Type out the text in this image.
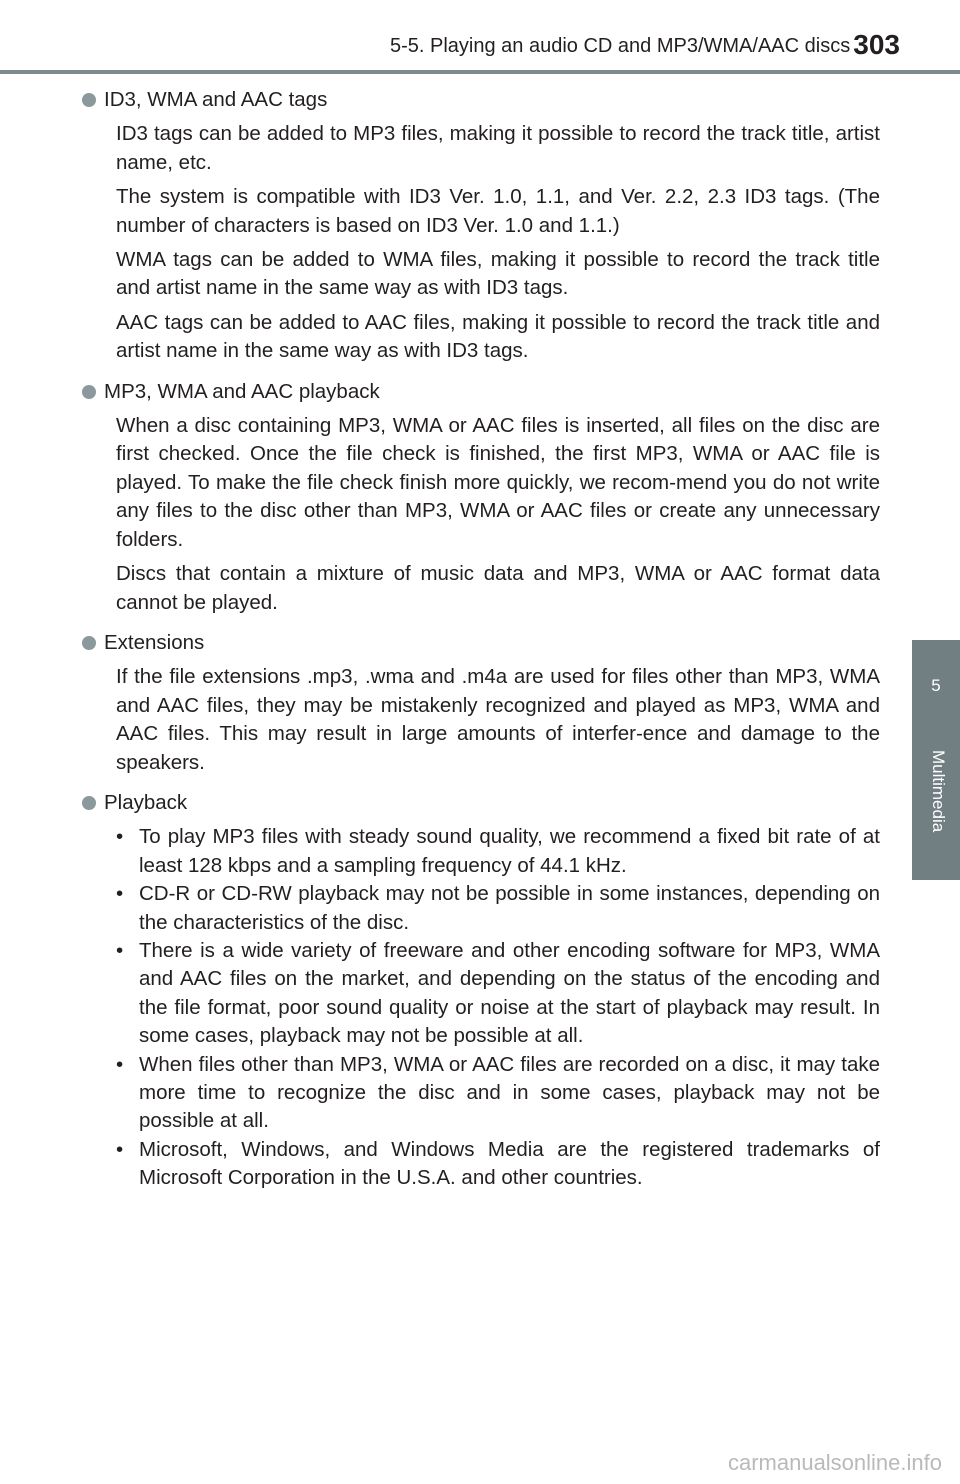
5-5. Playing an audio CD and MP3/WMA/AAC discs 303
5
Multimedia
ID3, WMA and AAC tags

ID3 tags can be added to MP3 files, making it possible to record the track title, artist name, etc.

The system is compatible with ID3 Ver. 1.0, 1.1, and Ver. 2.2, 2.3 ID3 tags. (The number of characters is based on ID3 Ver. 1.0 and 1.1.)

WMA tags can be added to WMA files, making it possible to record the track title and artist name in the same way as with ID3 tags.

AAC tags can be added to AAC files, making it possible to record the track title and artist name in the same way as with ID3 tags.

MP3, WMA and AAC playback

When a disc containing MP3, WMA or AAC files is inserted, all files on the disc are first checked. Once the file check is finished, the first MP3, WMA or AAC file is played. To make the file check finish more quickly, we recom-mend you do not write any files to the disc other than MP3, WMA or AAC files or create any unnecessary folders.

Discs that contain a mixture of music data and MP3, WMA or AAC format data cannot be played.

Extensions

If the file extensions .mp3, .wma and .m4a are used for files other than MP3, WMA and AAC files, they may be mistakenly recognized and played as MP3, WMA and AAC files. This may result in large amounts of interfer-ence and damage to the speakers.

Playback
• To play MP3 files with steady sound quality, we recommend a fixed bit rate of at least 128 kbps and a sampling frequency of 44.1 kHz.
• CD-R or CD-RW playback may not be possible in some instances, depending on the characteristics of the disc.
• There is a wide variety of freeware and other encoding software for MP3, WMA and AAC files on the market, and depending on the status of the encoding and the file format, poor sound quality or noise at the start of playback may result. In some cases, playback may not be possible at all.
• When files other than MP3, WMA or AAC files are recorded on a disc, it may take more time to recognize the disc and in some cases, playback may not be possible at all.
• Microsoft, Windows, and Windows Media are the registered trademarks of Microsoft Corporation in the U.S.A. and other countries.
carmanualsonline.info
